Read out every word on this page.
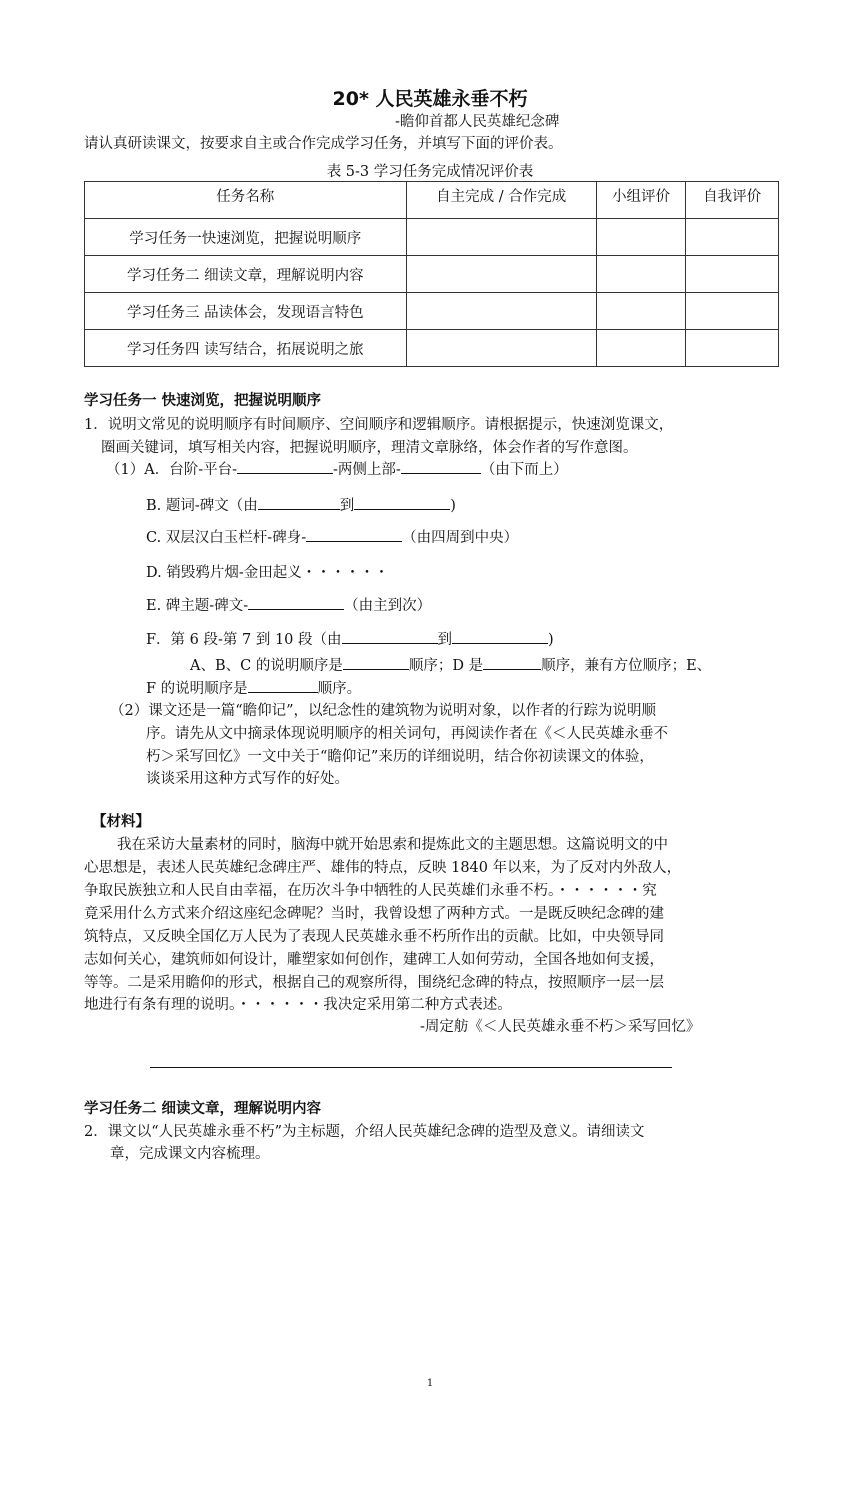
20* 人民英雄永垂不朽
-瞻仰首都人民英雄纪念碑
请认真研读课文，按要求自主或合作完成学习任务，并填写下面的评价表。
表 5-3 学习任务完成情况评价表
任务名称	自主完成 / 合作完成	小组评价	自我评价
学习任务一快速浏览，把握说明顺序			
学习任务二 细读文章，理解说明内容			
学习任务三 品读体会，发现语言特色			
学习任务四 读写结合，拓展说明之旅			
学习任务一 快速浏览，把握说明顺序
1．说明文常见的说明顺序有时间顺序、空间顺序和逻辑顺序。请根据提示，快速浏览课文，
圈画关键词，填写相关内容，把握说明顺序，理清文章脉络，体会作者的写作意图。
（1）A．台阶-平台-	-两侧上部-	（由下而上）
B. 题词-碑文（由	到	)
C. 双层汉白玉栏杆-碑身-	（由四周到中央）
D. 销毁鸦片烟-金田起义・・・・・・
E. 碑主题-碑文-	（由主到次）
F．第 6 段-第 7 到 10 段（由	到	)
A、B、C 的说明顺序是	顺序；D 是	顺序，兼有方位顺序；E、
F 的说明顺序是	顺序。
（2）课文还是一篇“瞻仰记”，以纪念性的建筑物为说明对象，以作者的行踪为说明顺
序。请先从文中摘录体现说明顺序的相关词句，再阅读作者在《＜人民英雄永垂不
朽＞采写回忆》一文中关于“瞻仰记”来历的详细说明，结合你初读课文的体验，
谈谈采用这种方式写作的好处。
【材料】
我在采访大量素材的同时，脑海中就开始思索和提炼此文的主题思想。这篇说明文的中
心思想是，表述人民英雄纪念碑庄严、雄伟的特点，反映 1840 年以来，为了反对内外敌人，
争取民族独立和人民自由幸福，在历次斗争中牺牲的人民英雄们永垂不朽。・・・・・・究
竟采用什么方式来介绍这座纪念碑呢？当时，我曾设想了两种方式。一是既反映纪念碑的建
筑特点，又反映全国亿万人民为了表现人民英雄永垂不朽所作出的贡献。比如，中央领导同
志如何关心，建筑师如何设计，雕塑家如何创作，建碑工人如何劳动，全国各地如何支援，
等等。二是采用瞻仰的形式，根据自己的观察所得，围绕纪念碑的特点，按照顺序一层一层
地进行有条有理的说明。・・・・・・我决定采用第二种方式表述。
-周定舫《＜人民英雄永垂不朽＞采写回忆》
学习任务二 细读文章，理解说明内容
2．课文以“人民英雄永垂不朽”为主标题，介绍人民英雄纪念碑的造型及意义。请细读文
章，完成课文内容梳理。
1
